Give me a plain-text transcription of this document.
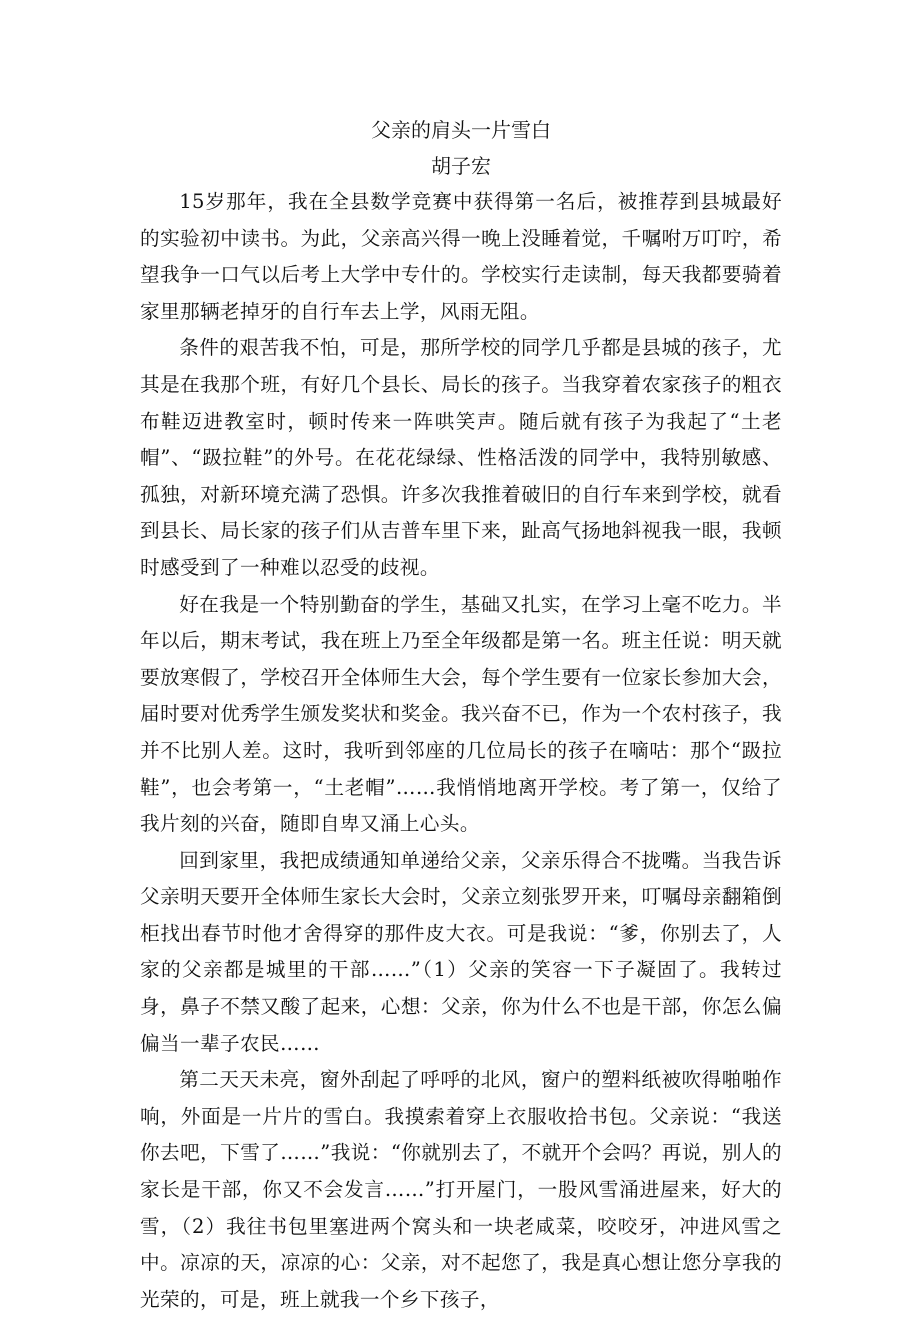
父亲的肩头一片雪白
胡子宏

15岁那年，我在全县数学竞赛中获得第一名后，被推荐到县城最好的实验初中读书。为此，父亲高兴得一晚上没睡着觉，千嘱咐万叮咛，希望我争一口气以后考上大学中专什的。学校实行走读制，每天我都要骑着家里那辆老掉牙的自行车去上学，风雨无阻。

条件的艰苦我不怕，可是，那所学校的同学几乎都是县城的孩子，尤其是在我那个班，有好几个县长、局长的孩子。当我穿着农家孩子的粗衣布鞋迈进教室时，顿时传来一阵哄笑声。随后就有孩子为我起了“土老帽”、“趿拉鞋”的外号。在花花绿绿、性格活泼的同学中，我特别敏感、孤独，对新环境充满了恐惧。许多次我推着破旧的自行车来到学校，就看到县长、局长家的孩子们从吉普车里下来，趾高气扬地斜视我一眼，我顿时感受到了一种难以忍受的歧视。

好在我是一个特别勤奋的学生，基础又扎实，在学习上毫不吃力。半年以后，期末考试，我在班上乃至全年级都是第一名。班主任说：明天就要放寒假了，学校召开全体师生大会，每个学生要有一位家长参加大会，届时要对优秀学生颁发奖状和奖金。我兴奋不已，作为一个农村孩子，我并不比别人差。这时，我听到邻座的几位局长的孩子在嘀咕：那个“趿拉鞋”，也会考第一，“土老帽”……我悄悄地离开学校。考了第一，仅给了我片刻的兴奋，随即自卑又涌上心头。

回到家里，我把成绩通知单递给父亲，父亲乐得合不拢嘴。当我告诉父亲明天要开全体师生家长大会时，父亲立刻张罗开来，叮嘱母亲翻箱倒柜找出春节时他才舍得穿的那件皮大衣。可是我说：“爹，你别去了，人家的父亲都是城里的干部……”（1）父亲的笑容一下子凝固了。我转过身，鼻子不禁又酸了起来，心想：父亲，你为什么不也是干部，你怎么偏偏当一辈子农民……

第二天天未亮，窗外刮起了呼呼的北风，窗户的塑料纸被吹得啪啪作响，外面是一片片的雪白。我摸索着穿上衣服收拾书包。父亲说：“我送你去吧，下雪了……”我说：“你就别去了，不就开个会吗？再说，别人的家长是干部，你又不会发言……”打开屋门，一股风雪涌进屋来，好大的雪，（2）我往书包里塞进两个窝头和一块老咸菜，咬咬牙，冲进风雪之中。凉凉的天，凉凉的心：父亲，对不起您了，我是真心想让您分享我的光荣的，可是，班上就我一个乡下孩子，
